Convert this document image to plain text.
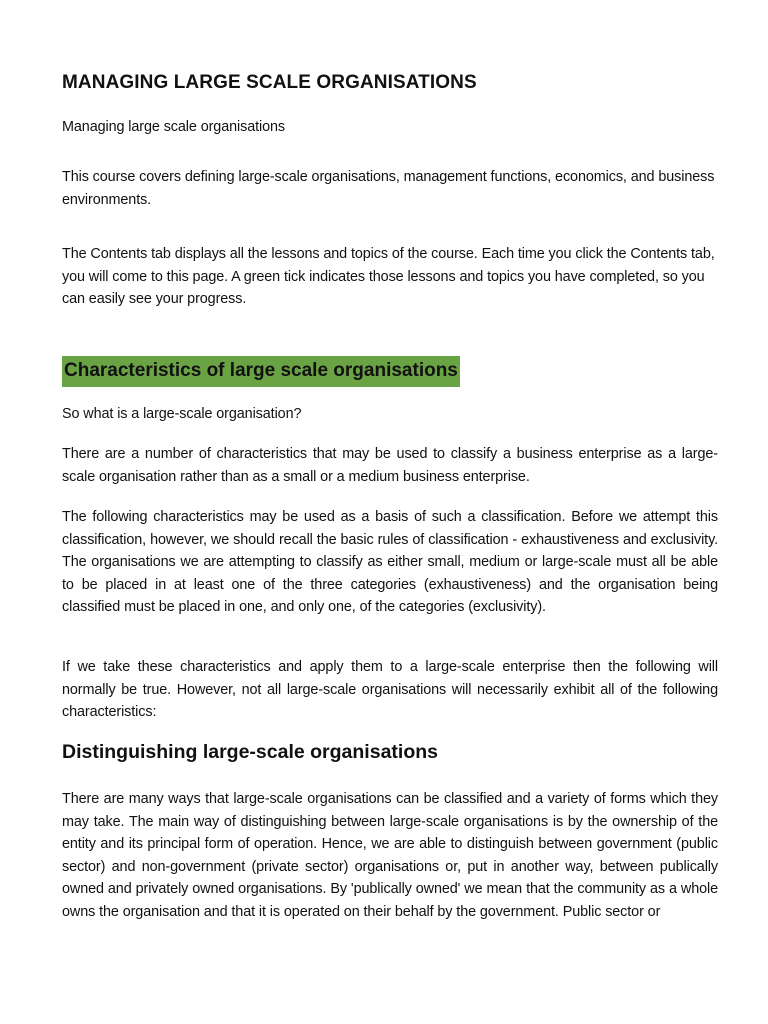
MANAGING LARGE SCALE ORGANISATIONS

Managing large scale organisations

This course covers defining large-scale organisations, management functions, economics, and business environments.

The Contents tab displays all the lessons and topics of the course. Each time you click the Contents tab, you will come to this page. A green tick indicates those lessons and topics you have completed, so you can easily see your progress.

Characteristics of large scale organisations

So what is a large-scale organisation?

There are a number of characteristics that may be used to classify a business enterprise as a large-scale organisation rather than as a small or a medium business enterprise.

The following characteristics may be used as a basis of such a classification. Before we attempt this classification, however, we should recall the basic rules of classification - exhaustiveness and exclusivity. The organisations we are attempting to classify as either small, medium or large-scale must all be able to be placed in at least one of the three categories (exhaustiveness) and the organisation being classified must be placed in one, and only one, of the categories (exclusivity).

If we take these characteristics and apply them to a large-scale enterprise then the following will normally be true. However, not all large-scale organisations will necessarily exhibit all of the following characteristics:

Distinguishing large-scale organisations

There are many ways that large-scale organisations can be classified and a variety of forms which they may take. The main way of distinguishing between large-scale organisations is by the ownership of the entity and its principal form of operation. Hence, we are able to distinguish between government (public sector) and non-government (private sector) organisations or, put in another way, between publically owned and privately owned organisations. By 'publically owned' we mean that the community as a whole owns the organisation and that it is operated on their behalf by the government. Public sector or
